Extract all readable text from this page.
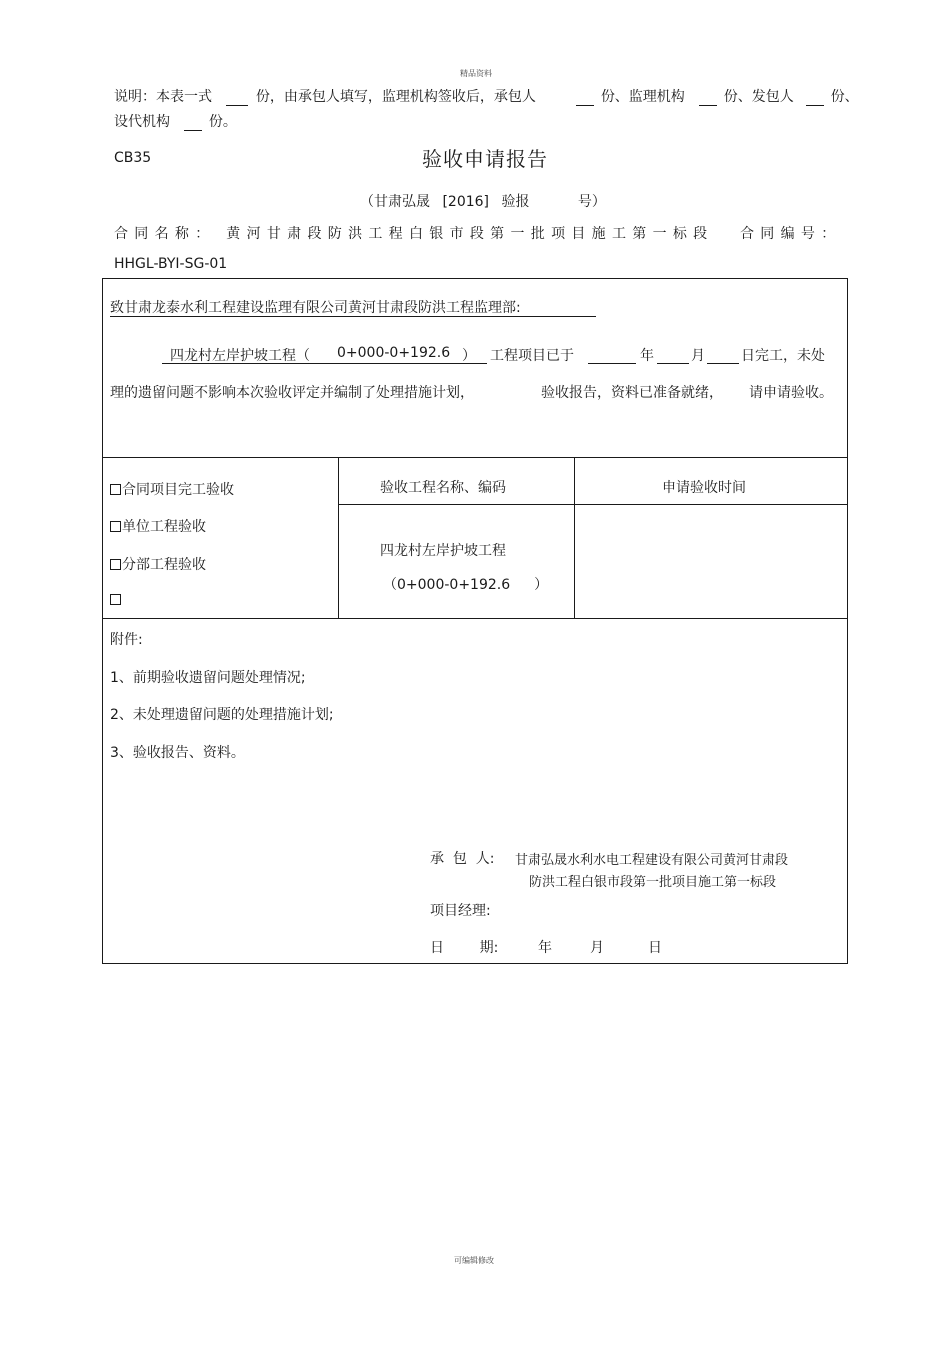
精品资料
说明：本表一式	份，由承包人填写，监理机构签收后，承包人	份、监理机构	份、发包人	份、
设代机构	份。
CB35	验收申请报告
（甘肃弘晟 [2016] 验报	号）
合同名称： 黄河甘肃段防洪工程白银市段第一批项目施工第一标段 合同编号：
HHGL-BYI-SG-01
致甘肃龙泰水利工程建设监理有限公司黄河甘肃段防洪工程监理部:
四龙村左岸护坡工程（ 0+000-0+192.6 ） 工程项目已于	年	月	日完工，未处
理的遗留问题不影响本次验收评定并编制了处理措施计划，	验收报告，资料已准备就绪， 请申请验收。
合同项目完工验收
单位工程验收
分部工程验收
验收工程名称、编码	申请验收时间
四龙村左岸护坡工程
（0+000-0+192.6 ）
附件:
1、前期验收遗留问题处理情况;
2、未处理遗留问题的处理措施计划;
3、验收报告、资料。
承  包  人: 甘肃弘晟水利水电工程建设有限公司黄河甘肃段
防洪工程白银市段第一批项目施工第一标段
项目经理:
日        期:	年	月	日
可编辑修改
